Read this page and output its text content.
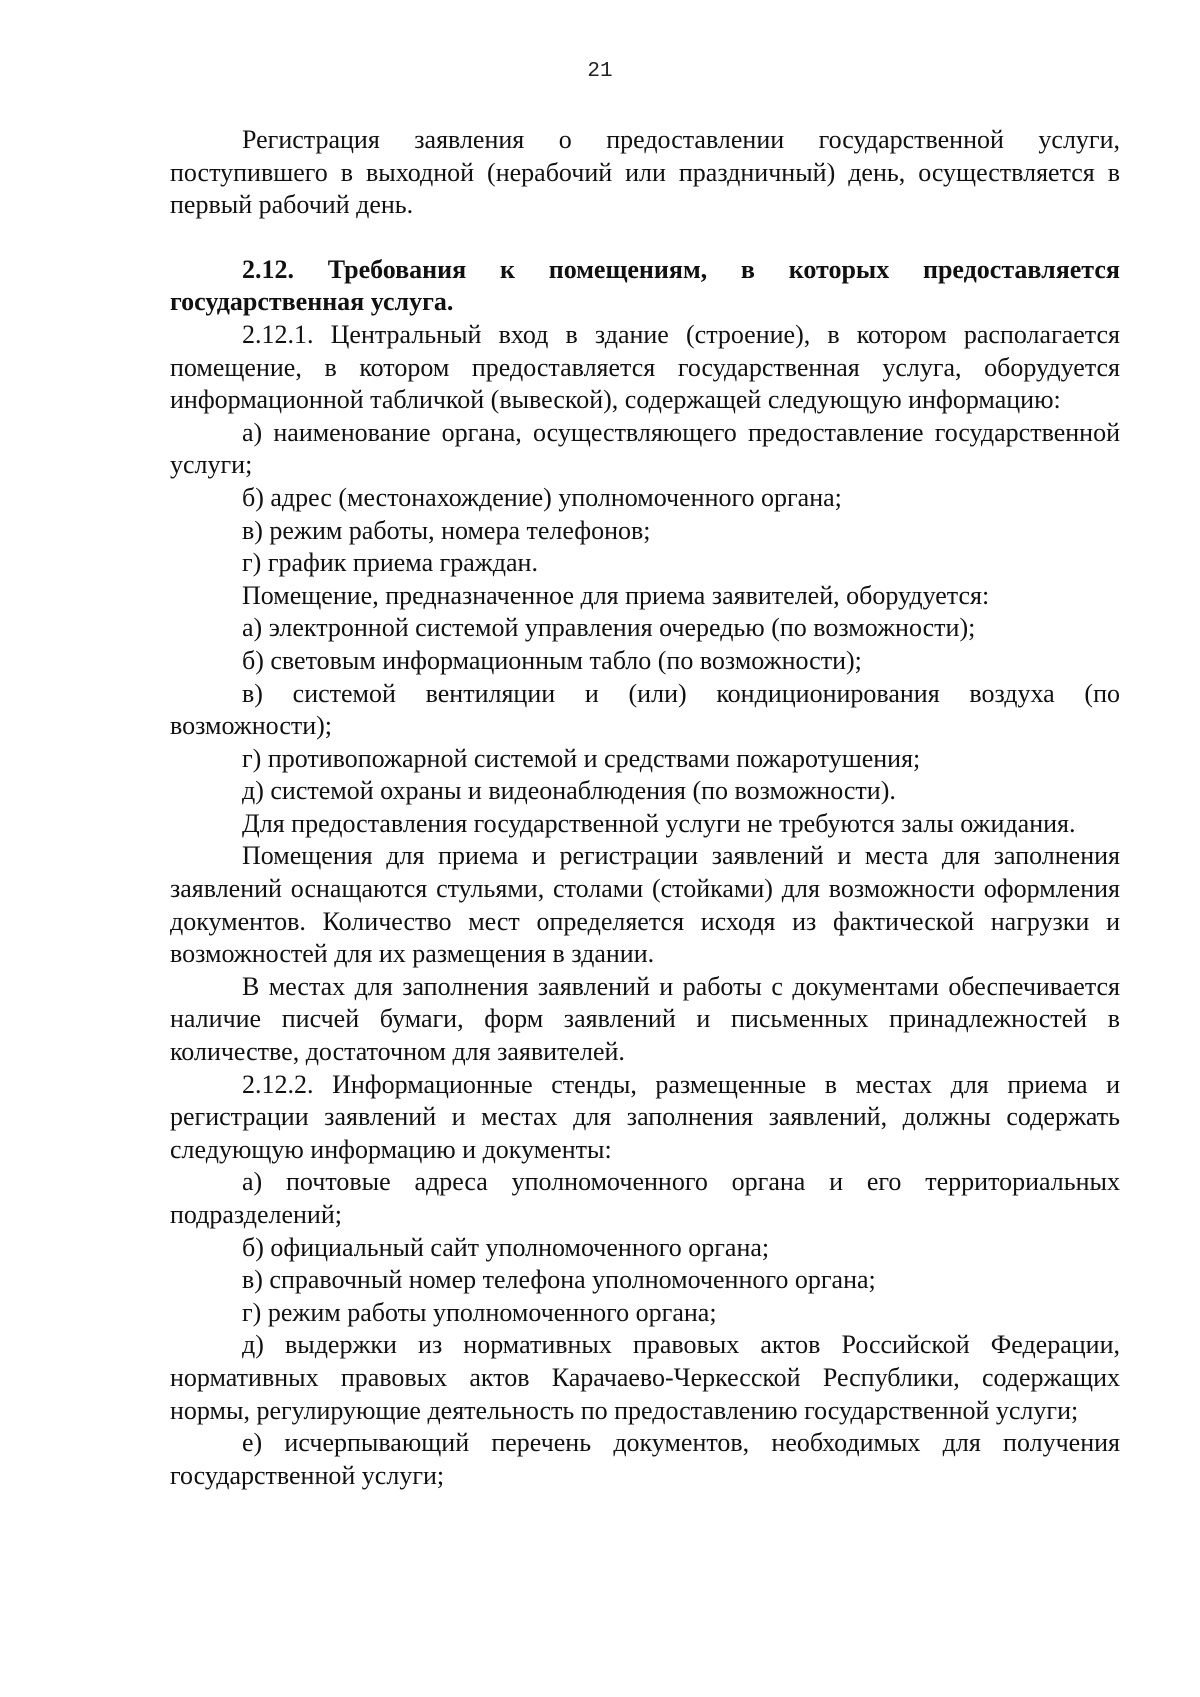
21

Регистрация заявления о предоставлении государственной услуги, поступившего в выходной (нерабочий или праздничный) день, осуществляется в первый рабочий день.

2.12. Требования к помещениям, в которых предоставляется государственная услуга.

2.12.1. Центральный вход в здание (строение), в котором располагается помещение, в котором предоставляется государственная услуга, оборудуется информационной табличкой (вывеской), содержащей следующую информацию:

а) наименование органа, осуществляющего предоставление государственной услуги;

б) адрес (местонахождение) уполномоченного органа;

в) режим работы, номера телефонов;

г) график приема граждан.

Помещение, предназначенное для приема заявителей, оборудуется:

а) электронной системой управления очередью (по возможности);

б) световым информационным табло (по возможности);

в) системой вентиляции и (или) кондиционирования воздуха (по возможности);

г) противопожарной системой и средствами пожаротушения;

д) системой охраны и видеонаблюдения (по возможности).

Для предоставления государственной услуги не требуются залы ожидания.

Помещения для приема и регистрации заявлений и места для заполнения заявлений оснащаются стульями, столами (стойками) для возможности оформления документов. Количество мест определяется исходя из фактической нагрузки и возможностей для их размещения в здании.

В местах для заполнения заявлений и работы с документами обеспечивается наличие писчей бумаги, форм заявлений и письменных принадлежностей в количестве, достаточном для заявителей.

2.12.2. Информационные стенды, размещенные в местах для приема и регистрации заявлений и местах для заполнения заявлений, должны содержать следующую информацию и документы:

а) почтовые адреса уполномоченного органа и его территориальных подразделений;

б) официальный сайт уполномоченного органа;

в) справочный номер телефона уполномоченного органа;

г) режим работы уполномоченного органа;

д) выдержки из нормативных правовых актов Российской Федерации, нормативных правовых актов Карачаево-Черкесской Республики, содержащих нормы, регулирующие деятельность по предоставлению государственной услуги;

е) исчерпывающий перечень документов, необходимых для получения государственной услуги;
